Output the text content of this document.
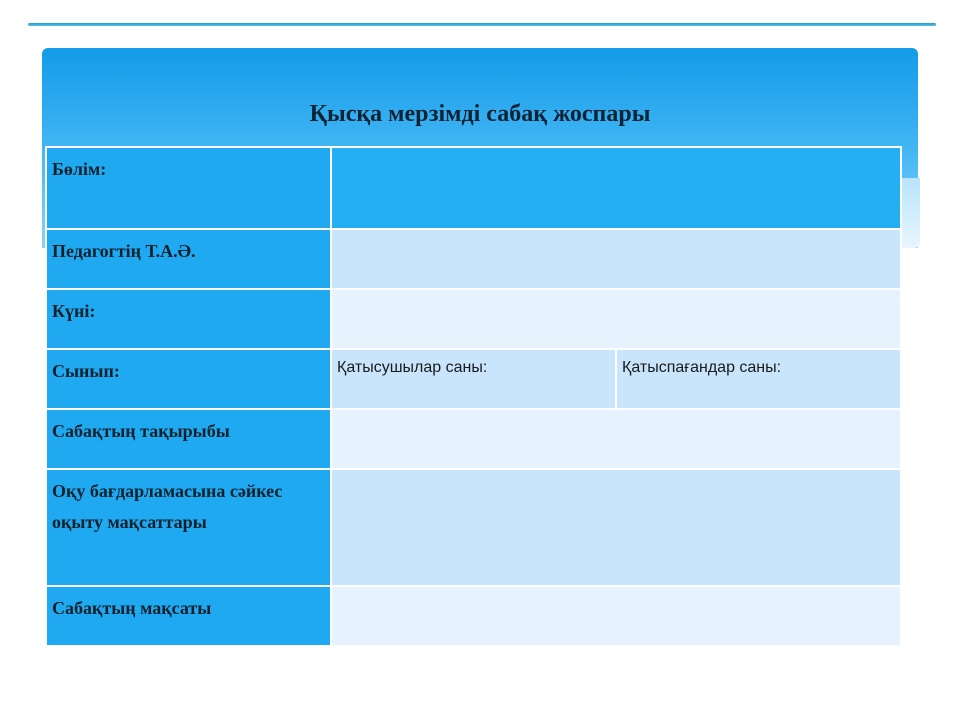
Қысқа мерзімді сабақ жоспары
Бөлім:		
Педагогтің Т.А.Ә.		
Күні:		
Сынып:	Қатысушылар саны:	Қатыспағандар саны:
Сабақтың тақырыбы		
Оқу бағдарламасына сәйкес оқыту мақсаттары		
Сабақтың мақсаты		
